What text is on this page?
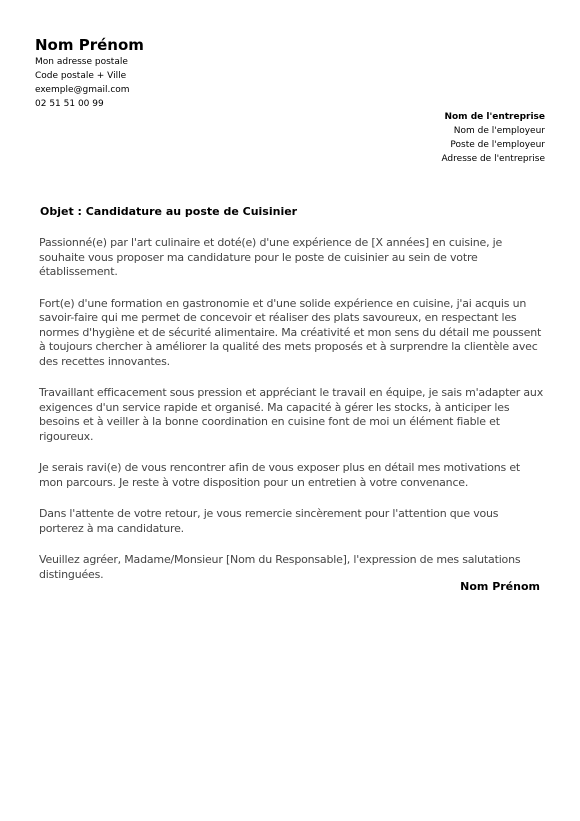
Nom Prénom
Mon adresse postale
Code postale + Ville
exemple@gmail.com
02 51 51 00 99
Nom de l'entreprise
Nom de l'employeur
Poste de l'employeur
Adresse de l'entreprise
Objet : Candidature au poste de Cuisinier

Passionné(e) par l'art culinaire et doté(e) d'une expérience de [X années] en cuisine, je souhaite vous proposer ma candidature pour le poste de cuisinier au sein de votre établissement.

Fort(e) d'une formation en gastronomie et d'une solide expérience en cuisine, j'ai acquis un savoir-faire qui me permet de concevoir et réaliser des plats savoureux, en respectant les normes d'hygiène et de sécurité alimentaire. Ma créativité et mon sens du détail me poussent à toujours chercher à améliorer la qualité des mets proposés et à surprendre la clientèle avec des recettes innovantes.

Travaillant efficacement sous pression et appréciant le travail en équipe, je sais m'adapter aux exigences d'un service rapide et organisé. Ma capacité à gérer les stocks, à anticiper les besoins et à veiller à la bonne coordination en cuisine font de moi un élément fiable et rigoureux.

Je serais ravi(e) de vous rencontrer afin de vous exposer plus en détail mes motivations et mon parcours. Je reste à votre disposition pour un entretien à votre convenance.

Dans l'attente de votre retour, je vous remercie sincèrement pour l'attention que vous porterez à ma candidature.

Veuillez agréer, Madame/Monsieur [Nom du Responsable], l'expression de mes salutations distinguées.

Nom Prénom
